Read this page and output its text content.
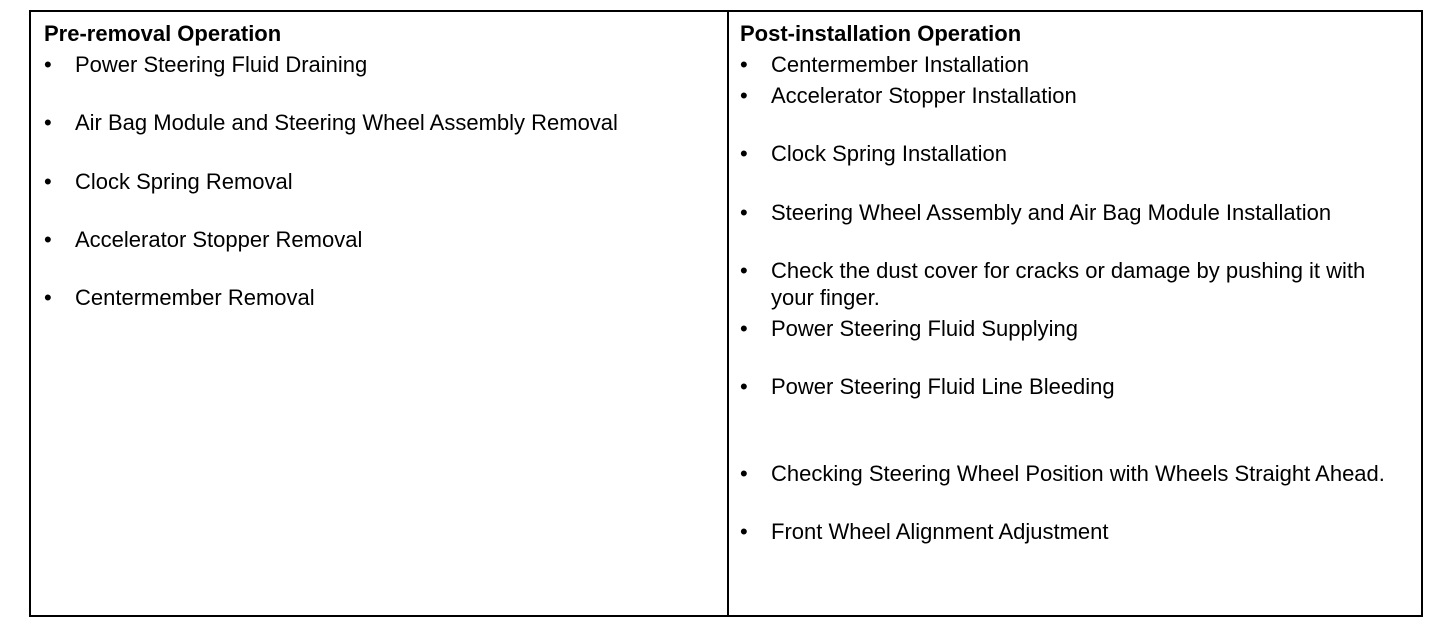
Pre-removal Operation
•	Power Steering Fluid Draining
•	Air Bag Module and Steering Wheel Assembly Removal
•	Clock Spring Removal
•	Accelerator Stopper Removal
•	Centermember Removal
Post-installation Operation
•	Centermember Installation
•	Accelerator Stopper Installation
•	Clock Spring Installation
•	Steering Wheel Assembly and Air Bag Module Installation
•	Check the dust cover for cracks or damage by pushing it with your finger.
•	Power Steering Fluid Supplying
•	Power Steering Fluid Line Bleeding
•	Checking Steering Wheel Position with Wheels Straight Ahead.
•	Front Wheel Alignment Adjustment
